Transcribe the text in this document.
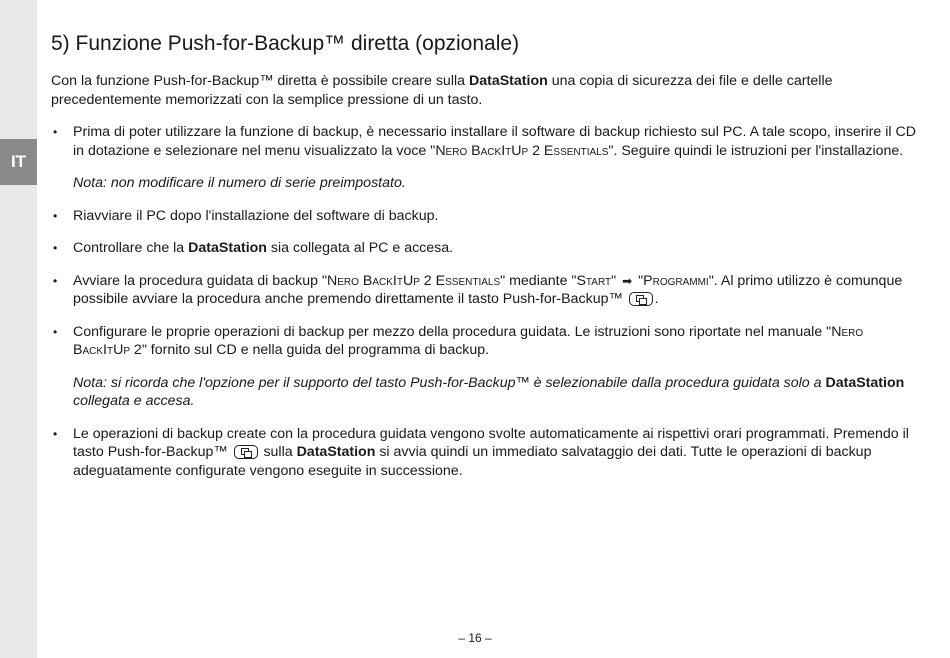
IT
5) Funzione Push-for-Backup™ diretta (opzionale)

Con la funzione Push-for-Backup™ diretta è possibile creare sulla DataStation una copia di sicurezza dei file e delle cartelle precedentemente memorizzati con la semplice pressione di un tasto.

• Prima di poter utilizzare la funzione di backup, è necessario installare il software di backup richiesto sul PC. A tale scopo, inserire il CD in dotazione e selezionare nel menu visualizzato la voce "Nero BackItUp 2 Essentials". Seguire quindi le istruzioni per l'installazione.

Nota: non modificare il numero di serie preimpostato.

• Riavviare il PC dopo l'installazione del software di backup.
• Controllare che la DataStation sia collegata al PC e accesa.
• Avviare la procedura guidata di backup "Nero BackItUp 2 Essentials" mediante "Start" ➡ "Programmi". Al primo utilizzo è comunque possibile avviare la procedura anche premendo direttamente il tasto Push-for-Backup™ .
• Configurare le proprie operazioni di backup per mezzo della procedura guidata. Le istruzioni sono riportate nel manuale "Nero BackItUp 2" fornito sul CD e nella guida del programma di backup.

Nota: si ricorda che l'opzione per il supporto del tasto Push-for-Backup™ è selezionabile dalla procedura guidata solo a DataStation collegata e accesa.

• Le operazioni di backup create con la procedura guidata vengono svolte automaticamente ai rispettivi orari programmati. Premendo il tasto Push-for-Backup™  sulla DataStation si avvia quindi un immediato salvataggio dei dati. Tutte le operazioni di backup adeguatamente configurate vengono eseguite in successione.
– 16 –
